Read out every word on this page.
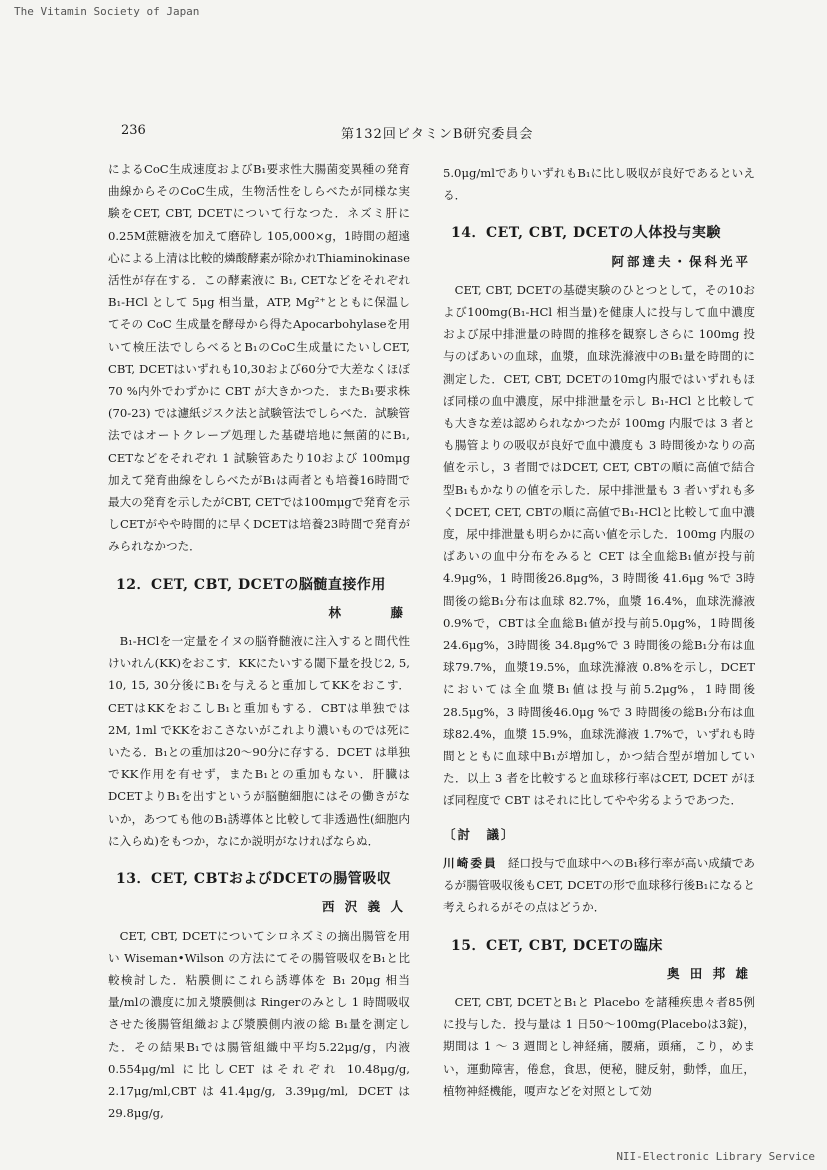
The Vitamin Society of Japan
236	第132回ビタミンB研究委員会

によるCoC生成速度およびB₁要求性大腸菌変異種の発育曲線からそのCoC生成，生物活性をしらべたが同様な実験をCET, CBT, DCETについて行なつた．ネズミ肝に0.25M蔗糖液を加えて磨砕し 105,000×g，1時間の超遠心による上清は比較的燐酸酵素が除かれThiaminokinase 活性が存在する．この酵素液に B₁, CETなどをそれぞれ B₁-HCl として 5μg 相当量，ATP, Mg²⁺とともに保温してその CoC 生成量を酵母から得たApocarbohylaseを用いて検圧法でしらべるとB₁のCoC生成量にたいしCET, CBT, DCETはいずれも10,30および60分で大差なくほぼ 70 %内外でわずかに CBT が大きかつた．またB₁要求株 (70-23) では濾紙ジスク法と試験管法でしらべた．試験管法ではオートクレーブ処理した基礎培地に無菌的にB₁, CETなどをそれぞれ 1 試験管あたり10および 100mμg 加えて発育曲線をしらべたがB₁は両者とも培養16時間で最大の発育を示したがCBT, CETでは100mμgで発育を示しCETがやや時間的に早くDCETは培養23時間で発育がみられなかつた．

12．CET, CBT, DCETの脳髄直接作用
林　　　藤

B₁-HClを一定量をイヌの脳脊髄液に注入すると間代性けいれん(KK)をおこす．KKにたいする閾下量を投じ2, 5, 10, 15, 30分後にB₁を与えると重加してKKをおこす．CETはKKをおこしB₁と重加もする．CBTは単独では 2M, 1ml でKKをおこさないがこれより濃いものでは死にいたる．B₁との重加は20～90分に存する．DCET は単独でKK作用を有せず，またB₁との重加もない．肝臓はDCETよりB₁を出すというが脳髄細胞にはその働きがないか，あつても他のB₁誘導体と比較して非透過性(細胞内に入らぬ)をもつか，なにか説明がなければならぬ．

13．CET, CBTおよびDCETの腸管吸収
西 沢 義 人

CET, CBT, DCETについてシロネズミの摘出腸管を用い Wiseman•Wilson の方法にてその腸管吸収をB₁と比較検討した．粘膜側にこれら誘導体を B₁ 20μg 相当量/mlの濃度に加え漿膜側は Ringerのみとし 1 時間吸収させた後腸管組織および漿膜側内液の総 B₁量を測定した．その結果B₁では腸管組織中平均5.22μg/g，内液0.554μg/ml に比しCET はそれぞれ 10.48μg/g, 2.17μg/ml,CBTは41.4μg/g, 3.39μg/ml, DCETは29.8μg/g,

5.0μg/mlでありいずれもB₁に比し吸収が良好であるといえる．

14．CET, CBT, DCETの人体投与実験
阿部達夫・保科光平

CET, CBT, DCETの基礎実験のひとつとして，その10および100mg(B₁-HCl 相当量)を健康人に投与して血中濃度および尿中排泄量の時間的推移を観察しさらに 100mg 投与のばあいの血球，血漿，血球洗滌液中のB₁量を時間的に測定した．CET, CBT, DCETの10mg内服ではいずれもほぼ同様の血中濃度，尿中排泄量を示し B₁-HCl と比較しても大きな差は認められなかつたが 100mg 内服では 3 者とも腸管よりの吸収が良好で血中濃度も 3 時間後かなりの高値を示し，3 者間ではDCET, CET, CBTの順に高値で結合型B₁もかなりの値を示した．尿中排泄量も 3 者いずれも多くDCET, CET, CBTの順に高値でB₁-HClと比較して血中濃度，尿中排泄量も明らかに高い値を示した．100mg 内服のばあいの血中分布をみると CET は全血総B₁値が投与前4.9μg%，1 時間後26.8μg%，3 時間後 41.6μg %で 3時間後の総B₁分布は血球 82.7%，血漿 16.4%，血球洗滌液0.9%で，CBTは全血総B₁値が投与前5.0μg%，1時間後24.6μg%，3時間後 34.8μg%で 3 時間後の総B₁分布は血球79.7%，血漿19.5%，血球洗滌液 0.8%を示し，DCETにおいては全血漿B₁値は投与前5.2μg%，1時間後28.5μg%，3 時間後46.0μg %で 3 時間後の総B₁分布は血球82.4%，血漿 15.9%，血球洗滌液 1.7%で，いずれも時間とともに血球中B₁が増加し，かつ結合型が増加していた．以上 3 者を比較すると血球移行率はCET, DCET がほぼ同程度で CBT はそれに比してやや劣るようであつた．

〔討　議〕

川崎委員 経口投与で血球中へのB₁移行率が高い成績であるが腸管吸収後もCET, DCETの形で血球移行後B₁になると考えられるがその点はどうか．

15．CET, CBT, DCETの臨床
奥 田 邦 雄

CET, CBT, DCETとB₁と Placebo を諸種疾患々者85例に投与した．投与量は 1 日50～100mg(Placeboは3錠)，期間は 1 ～ 3 週間とし神経痛，腰痛，頭痛，こり，めまい，運動障害，倦怠，食思，便秘，腱反射，動悸，血圧，植物神経機能，嗄声などを対照として効

NII-Electronic Library Service
